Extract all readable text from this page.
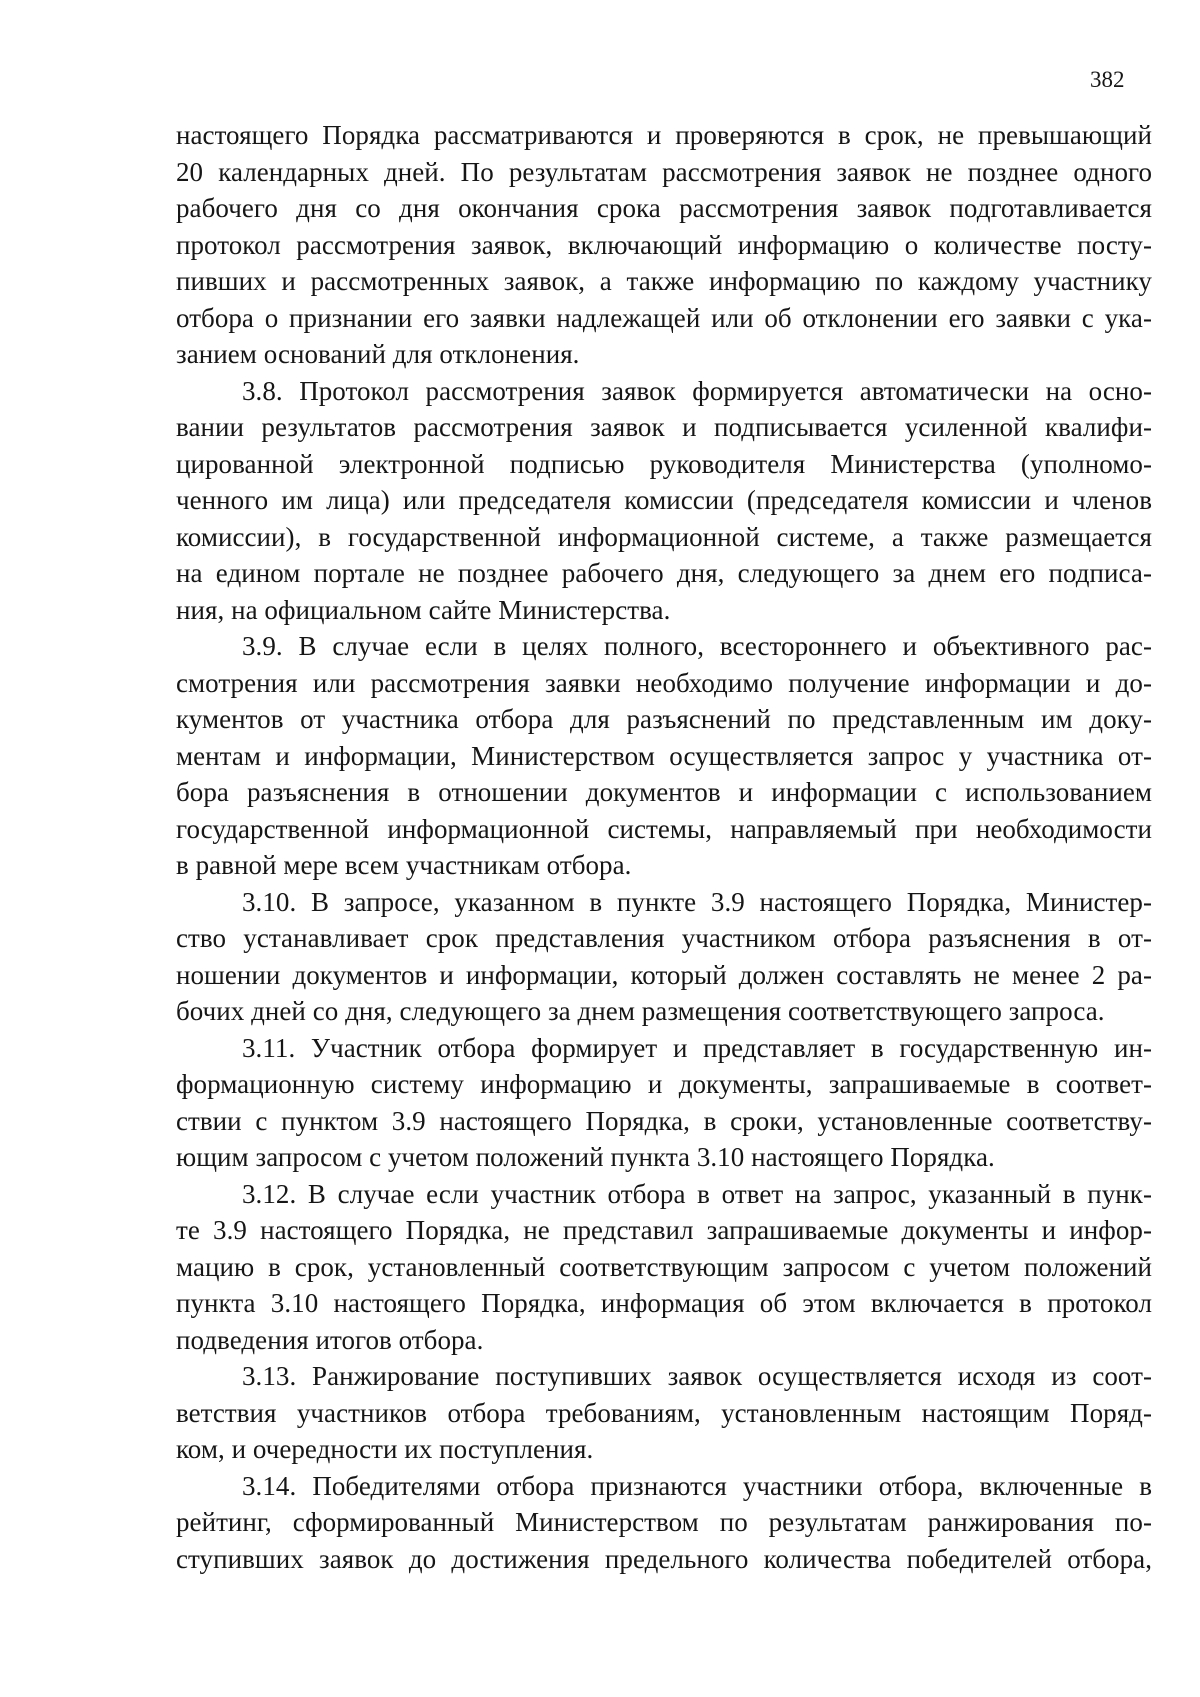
382

настоящего Порядка рассматриваются и проверяются в срок, не превышающий
20 календарных дней. По результатам рассмотрения заявок не позднее одного
рабочего дня со дня окончания срока рассмотрения заявок подготавливается
протокол рассмотрения заявок, включающий информацию о количестве посту-
пивших и рассмотренных заявок, а также информацию по каждому участнику
отбора о признании его заявки надлежащей или об отклонении его заявки с ука-
занием оснований для отклонения.

3.8. Протокол рассмотрения заявок формируется автоматически на осно-
вании результатов рассмотрения заявок и подписывается усиленной квалифи-
цированной электронной подписью руководителя Министерства (уполномо-
ченного им лица) или председателя комиссии (председателя комиссии и членов
комиссии), в государственной информационной системе, а также размещается
на едином портале не позднее рабочего дня, следующего за днем его подписа-
ния, на официальном сайте Министерства.

3.9. В случае если в целях полного, всестороннего и объективного рас-
смотрения или рассмотрения заявки необходимо получение информации и до-
кументов от участника отбора для разъяснений по представленным им доку-
ментам и информации, Министерством осуществляется запрос у участника от-
бора разъяснения в отношении документов и информации с использованием
государственной информационной системы, направляемый при необходимости
в равной мере всем участникам отбора.

3.10. В запросе, указанном в пункте 3.9 настоящего Порядка, Министер-
ство устанавливает срок представления участником отбора разъяснения в от-
ношении документов и информации, который должен составлять не менее 2 ра-
бочих дней со дня, следующего за днем размещения соответствующего запроса.

3.11. Участник отбора формирует и представляет в государственную ин-
формационную систему информацию и документы, запрашиваемые в соответ-
ствии с пунктом 3.9 настоящего Порядка, в сроки, установленные соответству-
ющим запросом с учетом положений пункта 3.10 настоящего Порядка.

3.12. В случае если участник отбора в ответ на запрос, указанный в пунк-
те 3.9 настоящего Порядка, не представил запрашиваемые документы и инфор-
мацию в срок, установленный соответствующим запросом с учетом положений
пункта 3.10 настоящего Порядка, информация об этом включается в протокол
подведения итогов отбора.

3.13. Ранжирование поступивших заявок осуществляется исходя из соот-
ветствия участников отбора требованиям, установленным настоящим Поряд-
ком, и очередности их поступления.

3.14. Победителями отбора признаются участники отбора, включенные в
рейтинг, сформированный Министерством по результатам ранжирования по-
ступивших заявок до достижения предельного количества победителей отбора,
